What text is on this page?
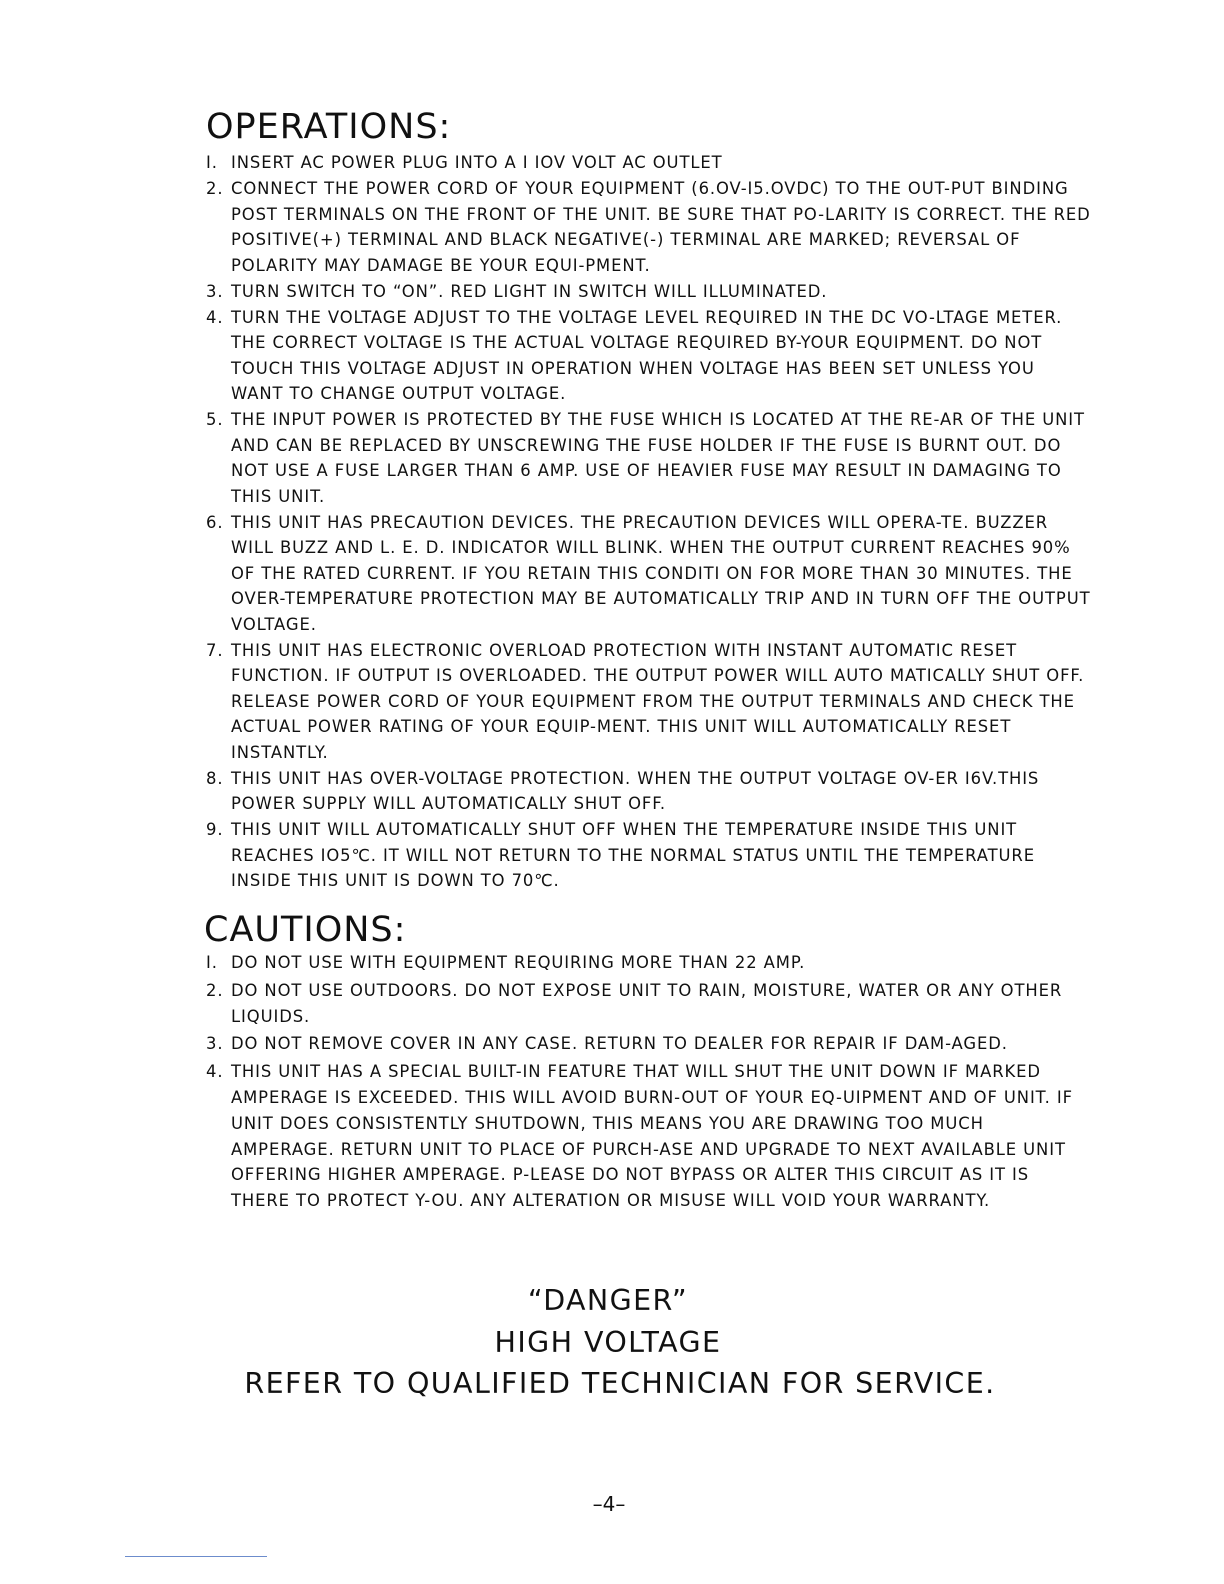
OPERATIONS:
I. INSERT AC POWER PLUG INTO A I IOV VOLT AC OUTLET
2. CONNECT THE POWER CORD OF YOUR EQUIPMENT (6.OV-I5.OVDC) TO THE OUT-PUT BINDING POST TERMINALS ON THE FRONT OF THE UNIT. BE SURE THAT PO-LARITY IS CORRECT. THE RED POSITIVE(+) TERMINAL AND BLACK NEGATIVE(-) TERMINAL ARE MARKED; REVERSAL OF POLARITY MAY DAMAGE BE YOUR EQUI-PMENT.
3. TURN SWITCH TO “ON”. RED LIGHT IN SWITCH WILL ILLUMINATED.
4. TURN THE VOLTAGE ADJUST TO THE VOLTAGE LEVEL REQUIRED IN THE DC VO-LTAGE METER. THE CORRECT VOLTAGE IS THE ACTUAL VOLTAGE REQUIRED BY-YOUR EQUIPMENT. DO NOT TOUCH THIS VOLTAGE ADJUST IN OPERATION WHEN VOLTAGE HAS BEEN SET UNLESS YOU WANT TO CHANGE OUTPUT VOLTAGE.
5. THE INPUT POWER IS PROTECTED BY THE FUSE WHICH IS LOCATED AT THE RE-AR OF THE UNIT AND CAN BE REPLACED BY UNSCREWING THE FUSE HOLDER IF THE FUSE IS BURNT OUT. DO NOT USE A FUSE LARGER THAN 6 AMP. USE OF HEAVIER FUSE MAY RESULT IN DAMAGING TO THIS UNIT.
6. THIS UNIT HAS PRECAUTION DEVICES. THE PRECAUTION DEVICES WILL OPERA-TE. BUZZER WILL BUZZ AND L. E. D. INDICATOR WILL BLINK. WHEN THE OUTPUT CURRENT REACHES 90% OF THE RATED CURRENT. IF YOU RETAIN THIS CONDITI ON FOR MORE THAN 30 MINUTES. THE OVER-TEMPERATURE PROTECTION MAY BE AUTOMATICALLY TRIP AND IN TURN OFF THE OUTPUT VOLTAGE.
7. THIS UNIT HAS ELECTRONIC OVERLOAD PROTECTION WITH INSTANT AUTOMATIC RESET FUNCTION. IF OUTPUT IS OVERLOADED. THE OUTPUT POWER WILL AUTO MATICALLY SHUT OFF. RELEASE POWER CORD OF YOUR EQUIPMENT FROM THE OUTPUT TERMINALS AND CHECK THE ACTUAL POWER RATING OF YOUR EQUIP-MENT. THIS UNIT WILL AUTOMATICALLY RESET INSTANTLY.
8. THIS UNIT HAS OVER-VOLTAGE PROTECTION. WHEN THE OUTPUT VOLTAGE OV-ER I6V.THIS POWER SUPPLY WILL AUTOMATICALLY SHUT OFF.
9. THIS UNIT WILL AUTOMATICALLY SHUT OFF WHEN THE TEMPERATURE INSIDE THIS UNIT REACHES IO5℃. IT WILL NOT RETURN TO THE NORMAL STATUS UNTIL THE TEMPERATURE INSIDE THIS UNIT IS DOWN TO 70℃.
CAUTIONS:
I. DO NOT USE WITH EQUIPMENT REQUIRING MORE THAN 22 AMP.
2. DO NOT USE OUTDOORS. DO NOT EXPOSE UNIT TO RAIN, MOISTURE, WATER OR ANY OTHER LIQUIDS.
3. DO NOT REMOVE COVER IN ANY CASE. RETURN TO DEALER FOR REPAIR IF DAM-AGED.
4. THIS UNIT HAS A SPECIAL BUILT-IN FEATURE THAT WILL SHUT THE UNIT DOWN IF MARKED AMPERAGE IS EXCEEDED. THIS WILL AVOID BURN-OUT OF YOUR EQ-UIPMENT AND OF UNIT. IF UNIT DOES CONSISTENTLY SHUTDOWN, THIS MEANS YOU ARE DRAWING TOO MUCH AMPERAGE. RETURN UNIT TO PLACE OF PURCH-ASE AND UPGRADE TO NEXT AVAILABLE UNIT OFFERING HIGHER AMPERAGE. P-LEASE DO NOT BYPASS OR ALTER THIS CIRCUIT AS IT IS THERE TO PROTECT Y-OU. ANY ALTERATION OR MISUSE WILL VOID YOUR WARRANTY.

“DANGER”

HIGH VOLTAGE

REFER TO QUALIFIED TECHNICIAN FOR SERVICE.

–4–
